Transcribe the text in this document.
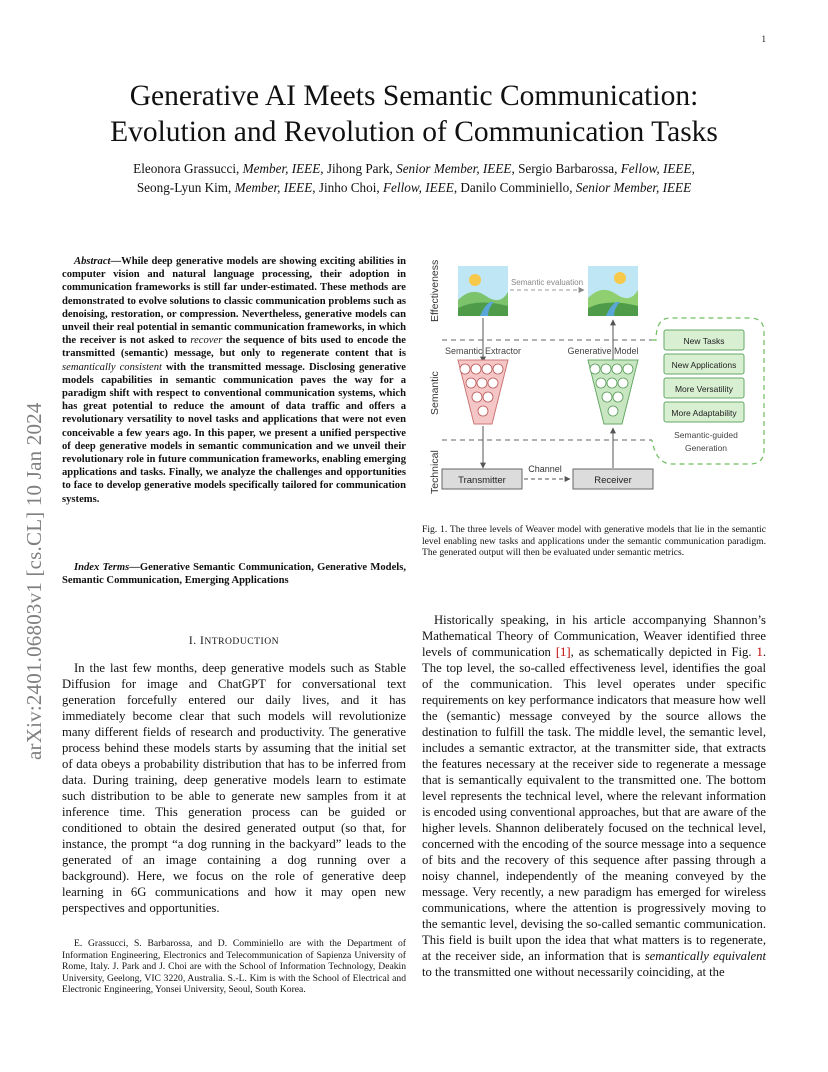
1
arXiv:2401.06803v1 [cs.CL] 10 Jan 2024
Generative AI Meets Semantic Communication:
Evolution and Revolution of Communication Tasks
Eleonora Grassucci, Member, IEEE, Jihong Park, Senior Member, IEEE, Sergio Barbarossa, Fellow, IEEE,
Seong-Lyun Kim, Member, IEEE, Jinho Choi, Fellow, IEEE, Danilo Comminiello, Senior Member, IEEE

Abstract—While deep generative models are showing exciting abilities in computer vision and natural language processing, their adoption in communication frameworks is still far under-estimated. These methods are demonstrated to evolve solutions to classic communication problems such as denoising, restoration, or compression. Nevertheless, generative models can unveil their real potential in semantic communication frameworks, in which the receiver is not asked to recover the sequence of bits used to encode the transmitted (semantic) message, but only to regenerate content that is semantically consistent with the transmitted message. Disclosing generative models capabilities in semantic communication paves the way for a paradigm shift with respect to conventional communication systems, which has great potential to reduce the amount of data traffic and offers a revolutionary versatility to novel tasks and applications that were not even conceivable a few years ago. In this paper, we present a unified perspective of deep generative models in semantic communication and we unveil their revolutionary role in future communication frameworks, enabling emerging applications and tasks. Finally, we analyze the challenges and opportunities to face to develop generative models specifically tailored for communication systems.

Index Terms—Generative Semantic Communication, Generative Models, Semantic Communication, Emerging Applications

I. INTRODUCTION

In the last few months, deep generative models such as Stable Diffusion for image and ChatGPT for conversational text generation forcefully entered our daily lives, and it has immediately become clear that such models will revolutionize many different fields of research and productivity. The generative process behind these models starts by assuming that the initial set of data obeys a probability distribution that has to be inferred from data. During training, deep generative models learn to estimate such distribution to be able to generate new samples from it at inference time. This generation process can be guided or conditioned to obtain the desired generated output (so that, for instance, the prompt “a dog running in the backyard” leads to the generated of an image containing a dog running over a background). Here, we focus on the role of generative deep learning in 6G communications and how it may open new perspectives and opportunities.

E. Grassucci, S. Barbarossa, and D. Comminiello are with the Department of Information Engineering, Electronics and Telecommunication of Sapienza University of Rome, Italy. J. Park and J. Choi are with the School of Information Technology, Deakin University, Geelong, VIC 3220, Australia. S.-L. Kim is with the School of Electrical and Electronic Engineering, Yonsei University, Seoul, South Korea.

Effectiveness
Semantic
Technical
Semantic evaluation
Semantic Extractor	Generative Model
Transmitter	Receiver
Channel
New Tasks
New Applications
More Versatility
More Adaptability
Semantic-guided
Generation

Fig. 1. The three levels of Weaver model with generative models that lie in the semantic level enabling new tasks and applications under the semantic communication paradigm. The generated output will then be evaluated under semantic metrics.

Historically speaking, in his article accompanying Shannon’s Mathematical Theory of Communication, Weaver identified three levels of communication [1], as schematically depicted in Fig. 1. The top level, the so-called effectiveness level, identifies the goal of the communication. This level operates under specific requirements on key performance indicators that measure how well the (semantic) message conveyed by the source allows the destination to fulfill the task. The middle level, the semantic level, includes a semantic extractor, at the transmitter side, that extracts the features necessary at the receiver side to regenerate a message that is semantically equivalent to the transmitted one. The bottom level represents the technical level, where the relevant information is encoded using conventional approaches, but that are aware of the higher levels. Shannon deliberately focused on the technical level, concerned with the encoding of the source message into a sequence of bits and the recovery of this sequence after passing through a noisy channel, independently of the meaning conveyed by the message. Very recently, a new paradigm has emerged for wireless communications, where the attention is progressively moving to the semantic level, devising the so-called semantic communication. This field is built upon the idea that what matters is to regenerate, at the receiver side, an information that is semantically equivalent to the transmitted one without necessarily coinciding, at the
